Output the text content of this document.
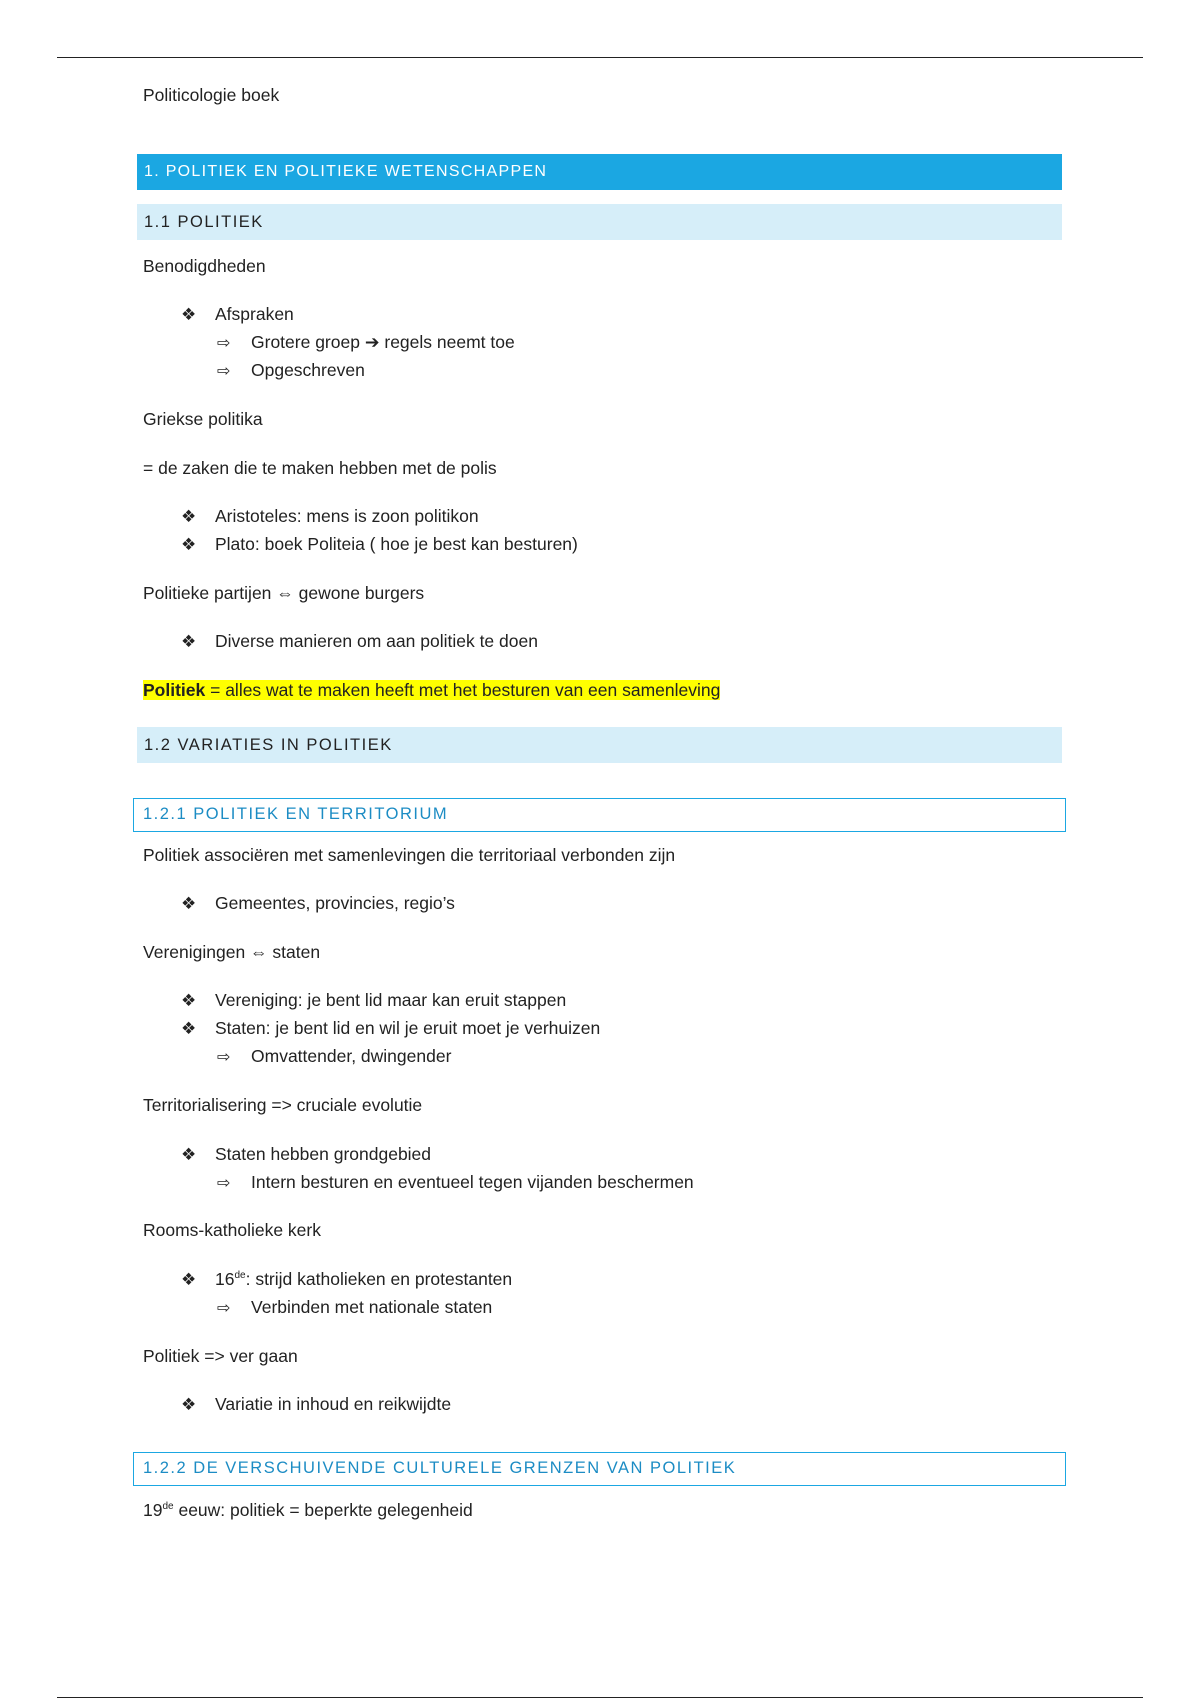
Politicologie boek
1. POLITIEK EN POLITIEKE WETENSCHAPPEN
1.1 POLITIEK
Benodigdheden
❖ Afspraken
⇨ Grotere groep ➔ regels neemt toe
⇨ Opgeschreven
Griekse politika
= de zaken die te maken hebben met de polis
❖ Aristoteles: mens is zoon politikon
❖ Plato: boek Politeia ( hoe je best kan besturen)
Politieke partijen ⇔ gewone burgers
❖ Diverse manieren om aan politiek te doen
Politiek = alles wat te maken heeft met het besturen van een samenleving
1.2 VARIATIES IN POLITIEK
1.2.1 POLITIEK EN TERRITORIUM
Politiek associëren met samenlevingen die territoriaal verbonden zijn
❖ Gemeentes, provincies, regio’s
Verenigingen ⇔ staten
❖ Vereniging: je bent lid maar kan eruit stappen
❖ Staten: je bent lid en wil je eruit moet je verhuizen
⇨ Omvattender, dwingender
Territorialisering => cruciale evolutie
❖ Staten hebben grondgebied
⇨ Intern besturen en eventueel tegen vijanden beschermen
Rooms-katholieke kerk
❖ 16de: strijd katholieken en protestanten
⇨ Verbinden met nationale staten
Politiek => ver gaan
❖ Variatie in inhoud en reikwijdte
1.2.2 DE VERSCHUIVENDE CULTURELE GRENZEN VAN POLITIEK
19de eeuw: politiek = beperkte gelegenheid
